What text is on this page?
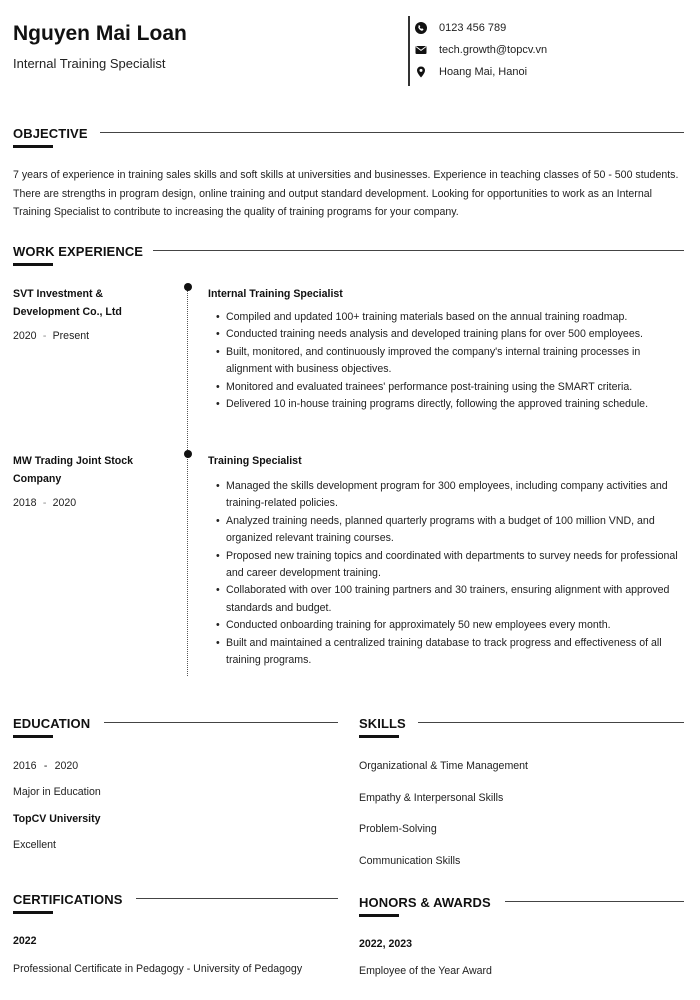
Nguyen Mai Loan
Internal Training Specialist
0123 456 789
tech.growth@topcv.vn
Hoang Mai, Hanoi
OBJECTIVE
7 years of experience in training sales skills and soft skills at universities and businesses. Experience in teaching classes of 50 - 500 students. There are strengths in program design, online training and output standard development. Looking for opportunities to work as an Internal Training Specialist to contribute to increasing the quality of training programs for your company.
WORK EXPERIENCE
SVT Investment & Development Co., Ltd
2020 - Present
Internal Training Specialist
• Compiled and updated 100+ training materials based on the annual training roadmap.
• Conducted training needs analysis and developed training plans for over 500 employees.
• Built, monitored, and continuously improved the company's internal training processes in alignment with business objectives.
• Monitored and evaluated trainees' performance post-training using the SMART criteria.
• Delivered 10 in-house training programs directly, following the approved training schedule.
MW Trading Joint Stock Company
2018 - 2020
Training Specialist
• Managed the skills development program for 300 employees, including company activities and training-related policies.
• Analyzed training needs, planned quarterly programs with a budget of 100 million VND, and organized relevant training courses.
• Proposed new training topics and coordinated with departments to survey needs for professional and career development training.
• Collaborated with over 100 training partners and 30 trainers, ensuring alignment with approved standards and budget.
• Conducted onboarding training for approximately 50 new employees every month.
• Built and maintained a centralized training database to track progress and effectiveness of all training programs.
EDUCATION
2016 - 2020
Major in Education
TopCV University
Excellent
SKILLS
Organizational & Time Management
Empathy & Interpersonal Skills
Problem-Solving
Communication Skills
CERTIFICATIONS
2022
Professional Certificate in Pedagogy - University of Pedagogy
HONORS & AWARDS
2022, 2023
Employee of the Year Award
